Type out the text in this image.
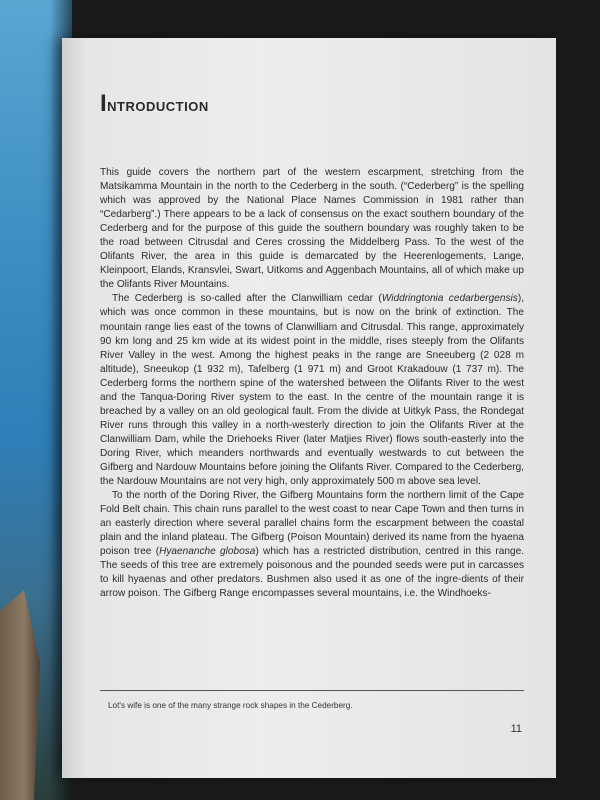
Introduction

This guide covers the northern part of the western escarpment, stretching from the Matsikamma Mountain in the north to the Cederberg in the south. (“Cederberg” is the spelling which was approved by the National Place Names Commission in 1981 rather than “Cedarberg”.) There appears to be a lack of consensus on the exact southern boundary of the Cederberg and for the purpose of this guide the southern boundary was roughly taken to be the road between Citrusdal and Ceres crossing the Middelberg Pass. To the west of the Olifants River, the area in this guide is demarcated by the Heerenlogements, Lange, Kleinpoort, Elands, Kransvlei, Swart, Uitkoms and Aggenbach Mountains, all of which make up the Olifants River Mountains.

The Cederberg is so-called after the Clanwilliam cedar (Widdringtonia cedarbergensis), which was once common in these mountains, but is now on the brink of extinction. The mountain range lies east of the towns of Clanwilliam and Citrusdal. This range, approximately 90 km long and 25 km wide at its widest point in the middle, rises steeply from the Olifants River Valley in the west. Among the highest peaks in the range are Sneeuberg (2 028 m altitude), Sneeukop (1 932 m), Tafelberg (1 971 m) and Groot Krakadouw (1 737 m). The Cederberg forms the northern spine of the watershed between the Olifants River to the west and the Tanqua-Doring River system to the east. In the centre of the mountain range it is breached by a valley on an old geological fault. From the divide at Uitkyk Pass, the Rondegat River runs through this valley in a north-westerly direction to join the Olifants River at the Clanwilliam Dam, while the Driehoeks River (later Matjies River) flows south-easterly into the Doring River, which meanders northwards and eventually westwards to cut between the Gifberg and Nardouw Mountains before joining the Olifants River. Compared to the Cederberg, the Nardouw Mountains are not very high, only approximately 500 m above sea level.

To the north of the Doring River, the Gifberg Mountains form the northern limit of the Cape Fold Belt chain. This chain runs parallel to the west coast to near Cape Town and then turns in an easterly direction where several parallel chains form the escarpment between the coastal plain and the inland plateau. The Gifberg (Poison Mountain) derived its name from the hyaena poison tree (Hyaenanche globosa) which has a restricted distribution, centred in this range. The seeds of this tree are extremely poisonous and the pounded seeds were put in carcasses to kill hyaenas and other predators. Bushmen also used it as one of the ingre-dients of their arrow poison. The Gifberg Range encompasses several mountains, i.e. the Windhoeks-

Lot's wife is one of the many strange rock shapes in the Cederberg.
11
